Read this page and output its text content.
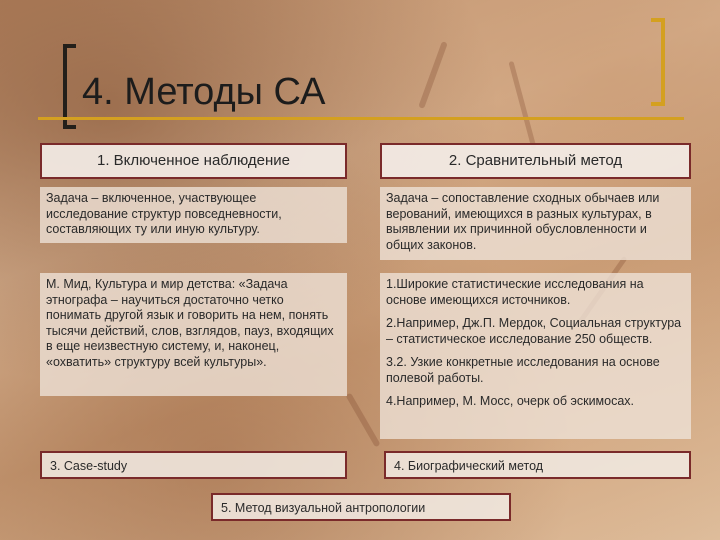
4. Методы СА
1. Включенное наблюдение	2. Сравнительный метод
Задача – включенное, участвующее исследование структур повседневности, составляющих ту или иную культуру.
М. Мид, Культура и мир детства: «Задача этнографа – научиться достаточно четко понимать другой язык и говорить на нем, понять тысячи действий, слов, взглядов, пауз, входящих в еще неизвестную систему, и, наконец, «охватить» структуру всей культуры».
Задача – сопоставление сходных обычаев или верований, имеющихся в разных культурах, в выявлении их причинной обусловленности и общих законов.
1.Широкие статистические исследования на основе имеющихся источников.
2.Например, Дж.П. Мердок, Социальная структура – статистическое исследование 250 обществ.
3.2. Узкие конкретные исследования на основе полевой работы.
4.Например, М. Мосс, очерк об эскимосах.
3. Case-study	4. Биографический метод
5. Метод визуальной антропологии
